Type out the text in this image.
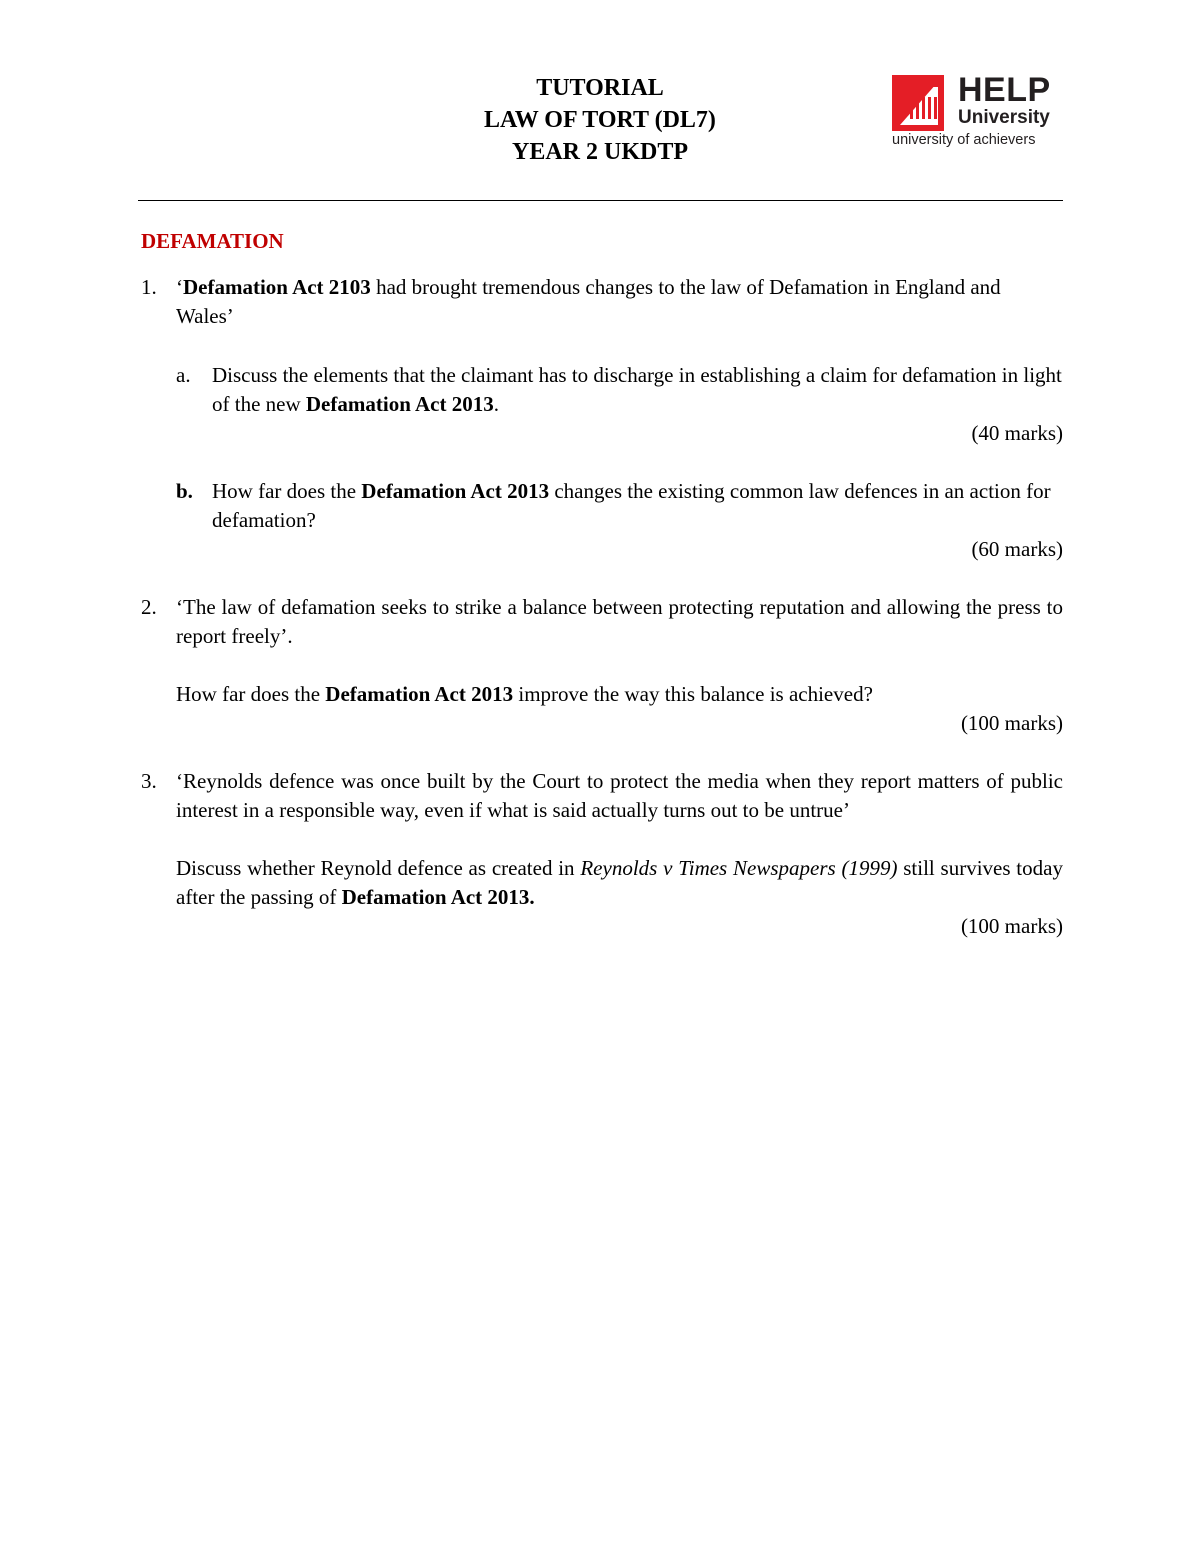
TUTORIAL
LAW OF TORT (DL7)
YEAR 2 UKDTP
HELP
University
university of achievers
DEFAMATION
1. ‘Defamation Act 2103 had brought tremendous changes to the law of Defamation in England and Wales’
a. Discuss the elements that the claimant has to discharge in establishing a claim for defamation in light of the new Defamation Act 2013.
(40 marks)
b. How far does the Defamation Act 2013 changes the existing common law defences in an action for defamation?
(60 marks)
2. ‘The law of defamation seeks to strike a balance between protecting reputation and allowing the press to report freely’.
How far does the Defamation Act 2013 improve the way this balance is achieved?
(100 marks)
3. ‘Reynolds defence was once built by the Court to protect the media when they report matters of public interest in a responsible way, even if what is said actually turns out to be untrue’
Discuss whether Reynold defence as created in Reynolds v Times Newspapers (1999) still survives today after the passing of Defamation Act 2013.
(100 marks)
